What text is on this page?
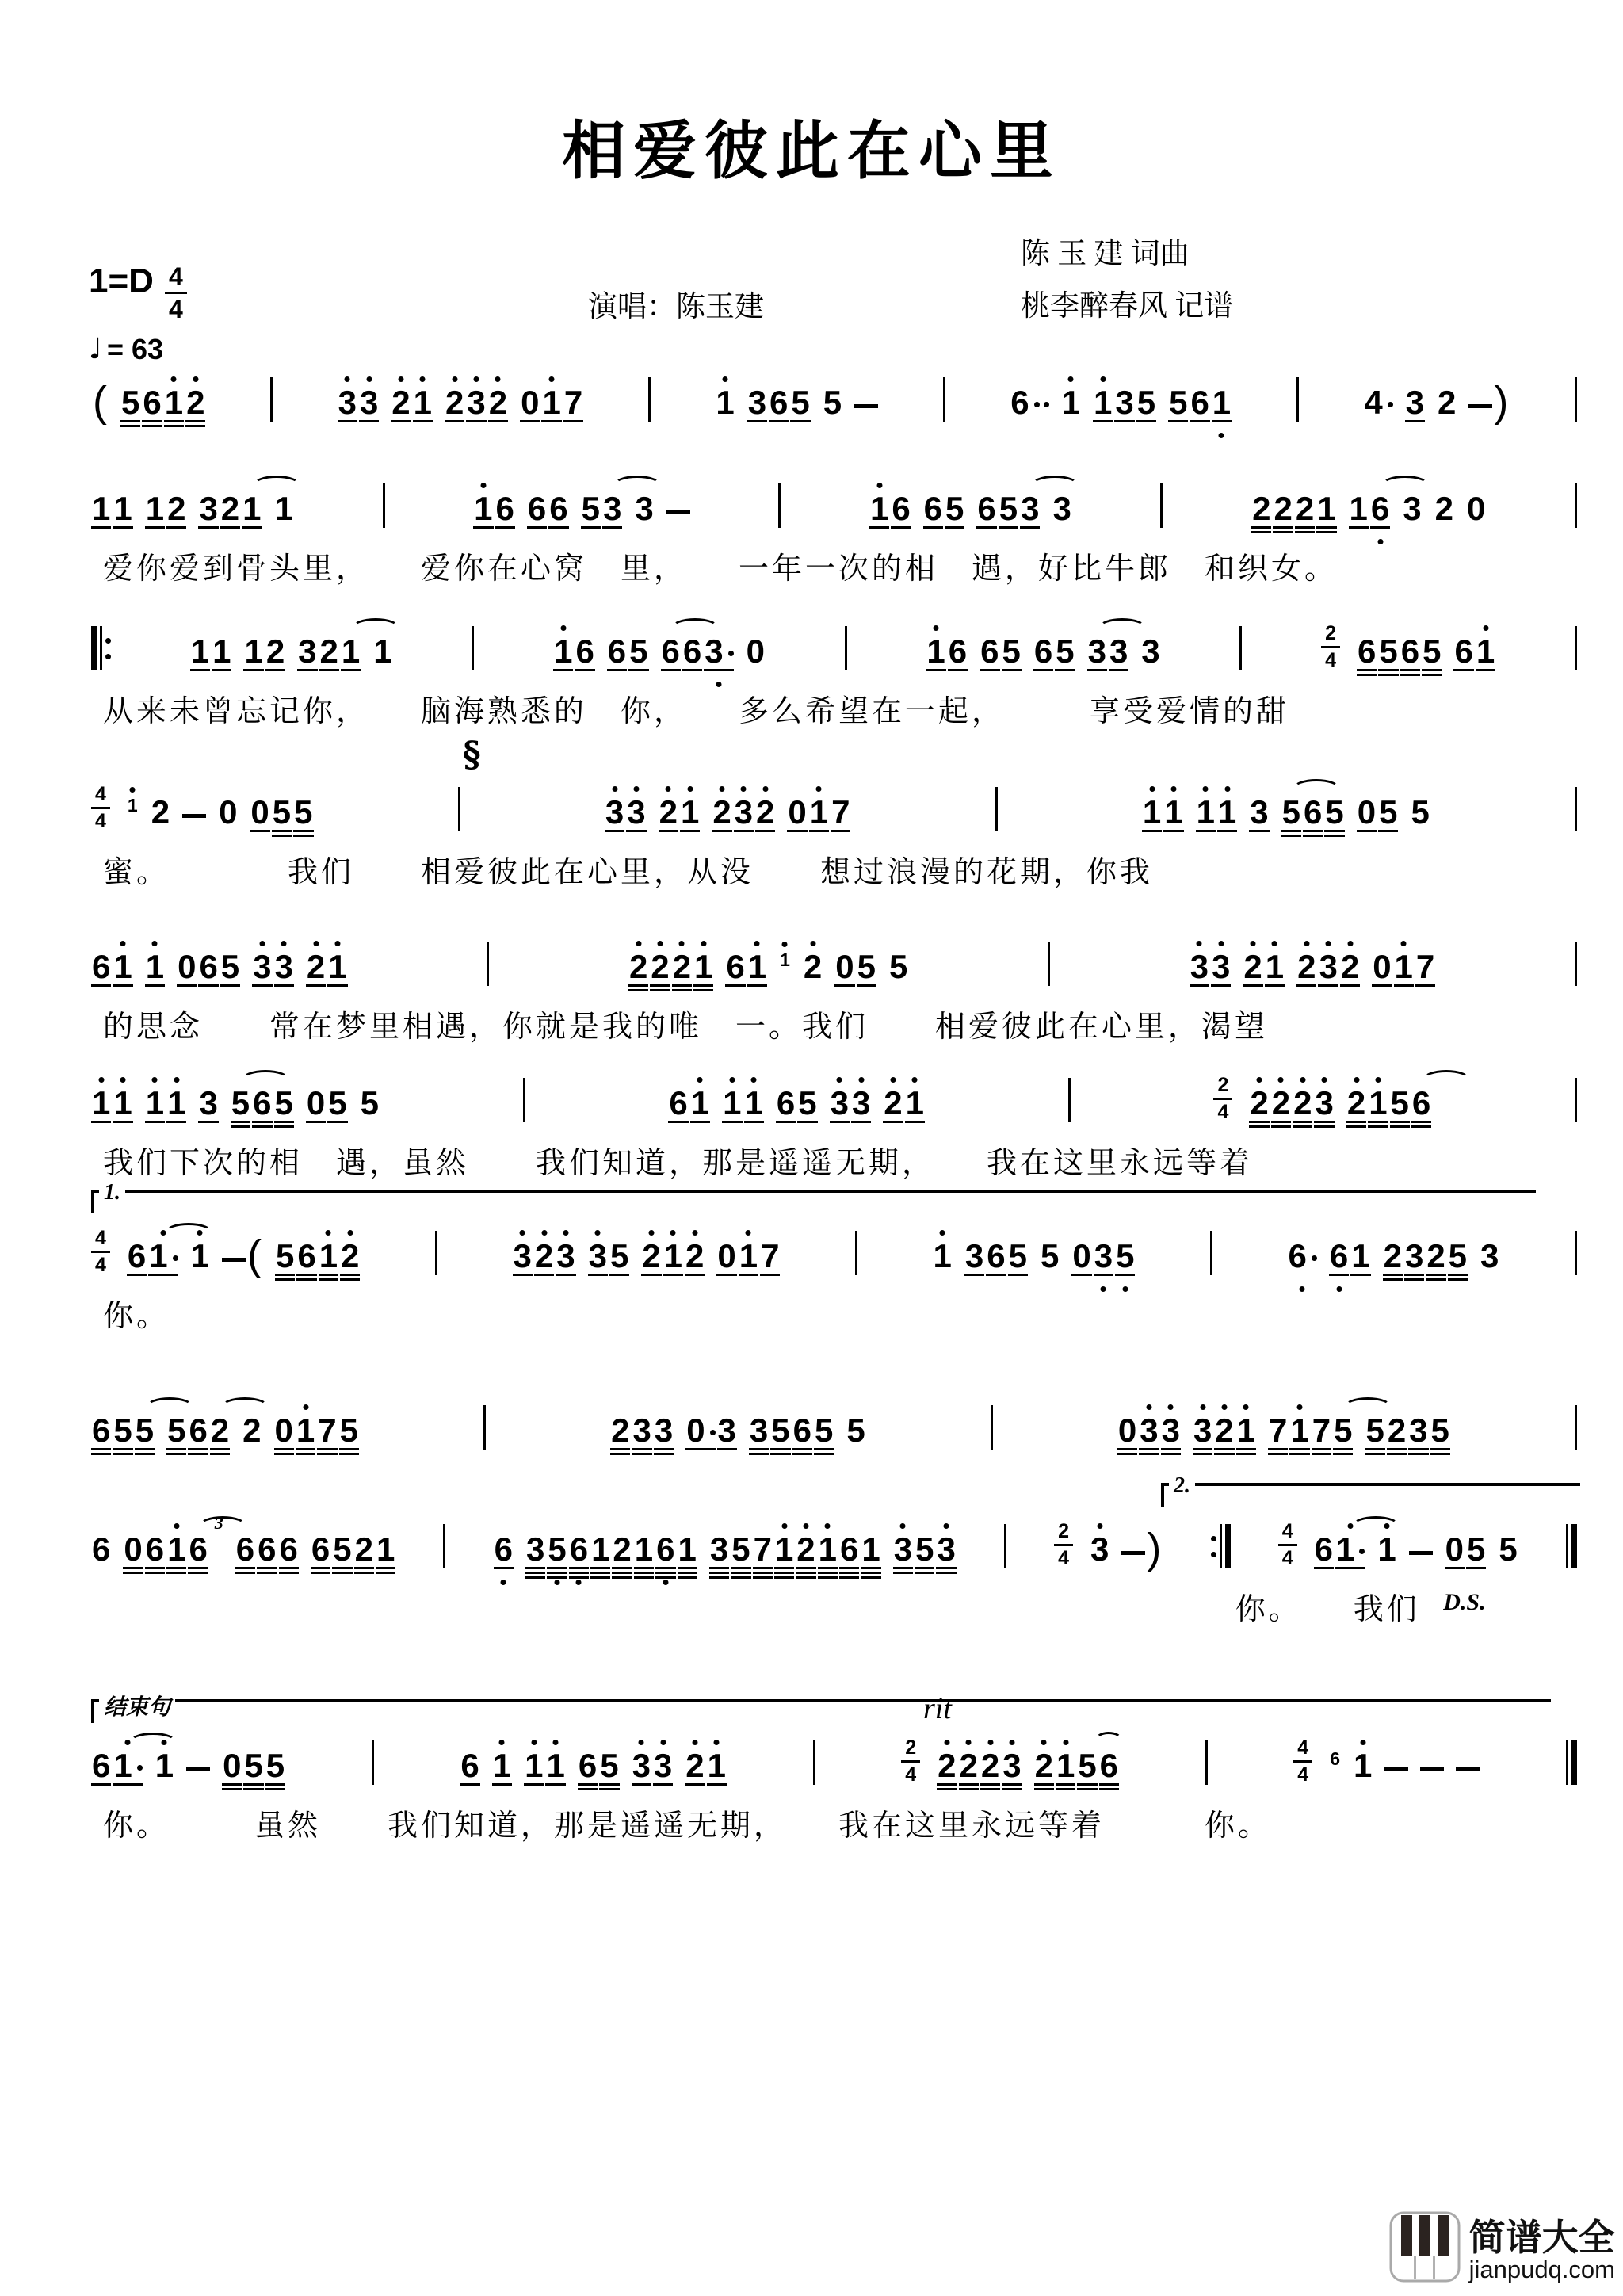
相爱彼此在心里
陈 玉 建 词曲
桃李醉春风 记谱
演唱：陈玉建
1=D 4
4
♩ = 63
( 5 6 1 2	3 3 2 1 2 3 2 0 1 7	1 3 6 5 5	6 1 1 3 5 5 6 1	4 3 2 )
1 1 1 2 3 2 1 1	1 6 6 6 5 3 3	1 6 6 5 6 5 3 3	2 2 2 1 1 6 3 2 0
爱你爱到骨头里，　　爱你在心窝　里，　　一年一次的相　遇，好比牛郎　和织女。
1 1 1 2 3 2 1 1	1 6 6 5 6 6 3 0	1 6 6 5 6 5 3 3 3	2
4 6 5 6 5 6 1
从来未曾忘记你，　　脑海熟悉的　你，　　多么希望在一起，　　　享受爱情的甜
§
4
4
1 2 0 0 5 5	3 3 2 1 2 3 2 0 1 7	1 1 1 1 3 5 6 5 0 5 5
蜜。　　　　我们　　相爱彼此在心里，从没　　想过浪漫的花期，你我
6 1 1 0 6 5 3 3 2 1	2 2 2 1 6 1 1 2 0 5 5	3 3 2 1 2 3 2 0 1 7
的思念　　常在梦里相遇，你就是我的唯　一。我们　　相爱彼此在心里，渴望
1 1 1 1 3 5 6 5 0 5 5	6 1 1 1 6 5 3 3 2 1	2
4 2 2 2 3 2 1 5 6
我们下次的相　遇，虽然　　我们知道，那是遥遥无期，　　我在这里永远等着
1.
4
4 6 1 1 ( 5 6 1 2	3 2 3 3 5 2 1 2 0 1 7	1 3 6 5 5 0 3 5	6 6 1 2 3 2 5 3
你。
6 5 5 5 6 2 2 0 1 7 5	2 3 3 0 3 3 5 6 5 5	0 3 3 3 2 1 7 1 7 5 5 2 3 5
D.S.
2.
6 0 6 1 6
3
6 6 6 6 5 2 1	6 3 5 6 1 2 1 6 1 3 5 7 1 2 1 6 1 3 5 3	2
4 3 )	4
4 6 1 1 0 5 5
你。　　我们
结束句	rit
6 1 1 0 5 5	6 1 1 1 6 5 3 3 2 1	2
4 2 2 2 3 2 1 5 6	4
4
6 1
你。　　　虽然　　我们知道，那是遥遥无期，　　我在这里永远等着　　　你。
简谱大全
jianpudq.com
